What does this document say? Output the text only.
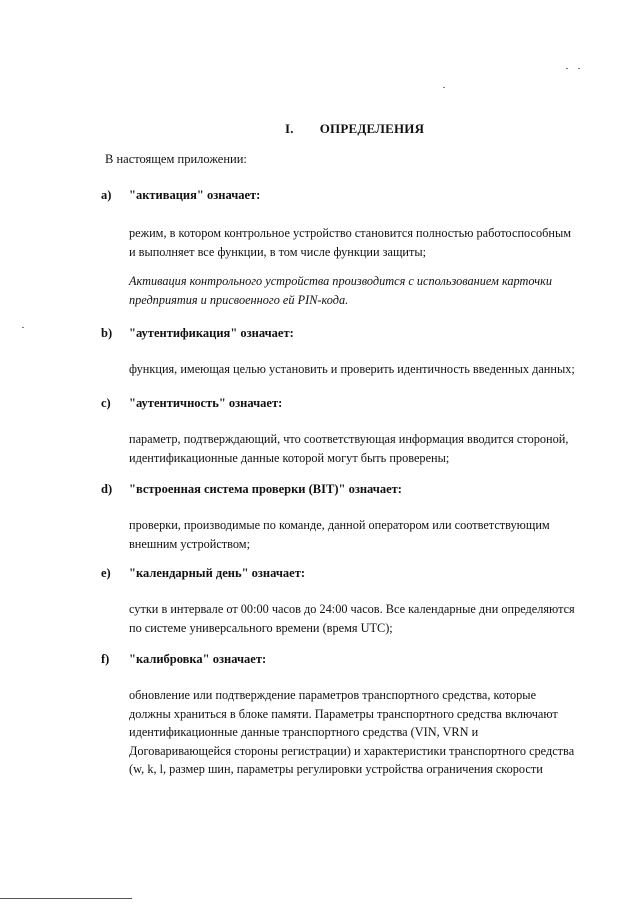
I. ОПРЕДЕЛЕНИЯ
В настоящем приложении:
a) "активация" означает:
режим, в котором контрольное устройство становится полностью работоспособным
и выполняет все функции, в том числе функции защиты;
Активация контрольного устройства производится с использованием карточки
предприятия и присвоенного ей PIN-кода.
b) "аутентификация" означает:
функция, имеющая целью установить и проверить идентичность введенных данных;
c) "аутентичность" означает:
параметр, подтверждающий, что соответствующая информация вводится стороной,
идентификационные данные которой могут быть проверены;
d) "встроенная система проверки (BIT)" означает:
проверки, производимые по команде, данной оператором или соответствующим
внешним устройством;
e) "календарный день" означает:
сутки в интервале от 00:00 часов до 24:00 часов. Все календарные дни определяются
по системе универсального времени (время UTC);
f) "калибровка" означает:
обновление или подтверждение параметров транспортного средства, которые
должны храниться в блоке памяти. Параметры транспортного средства включают
идентификационные данные транспортного средства (VIN, VRN и
Договаривающейся стороны регистрации) и характеристики транспортного средства
(w, k, l, размер шин, параметры регулировки устройства ограничения скорости
